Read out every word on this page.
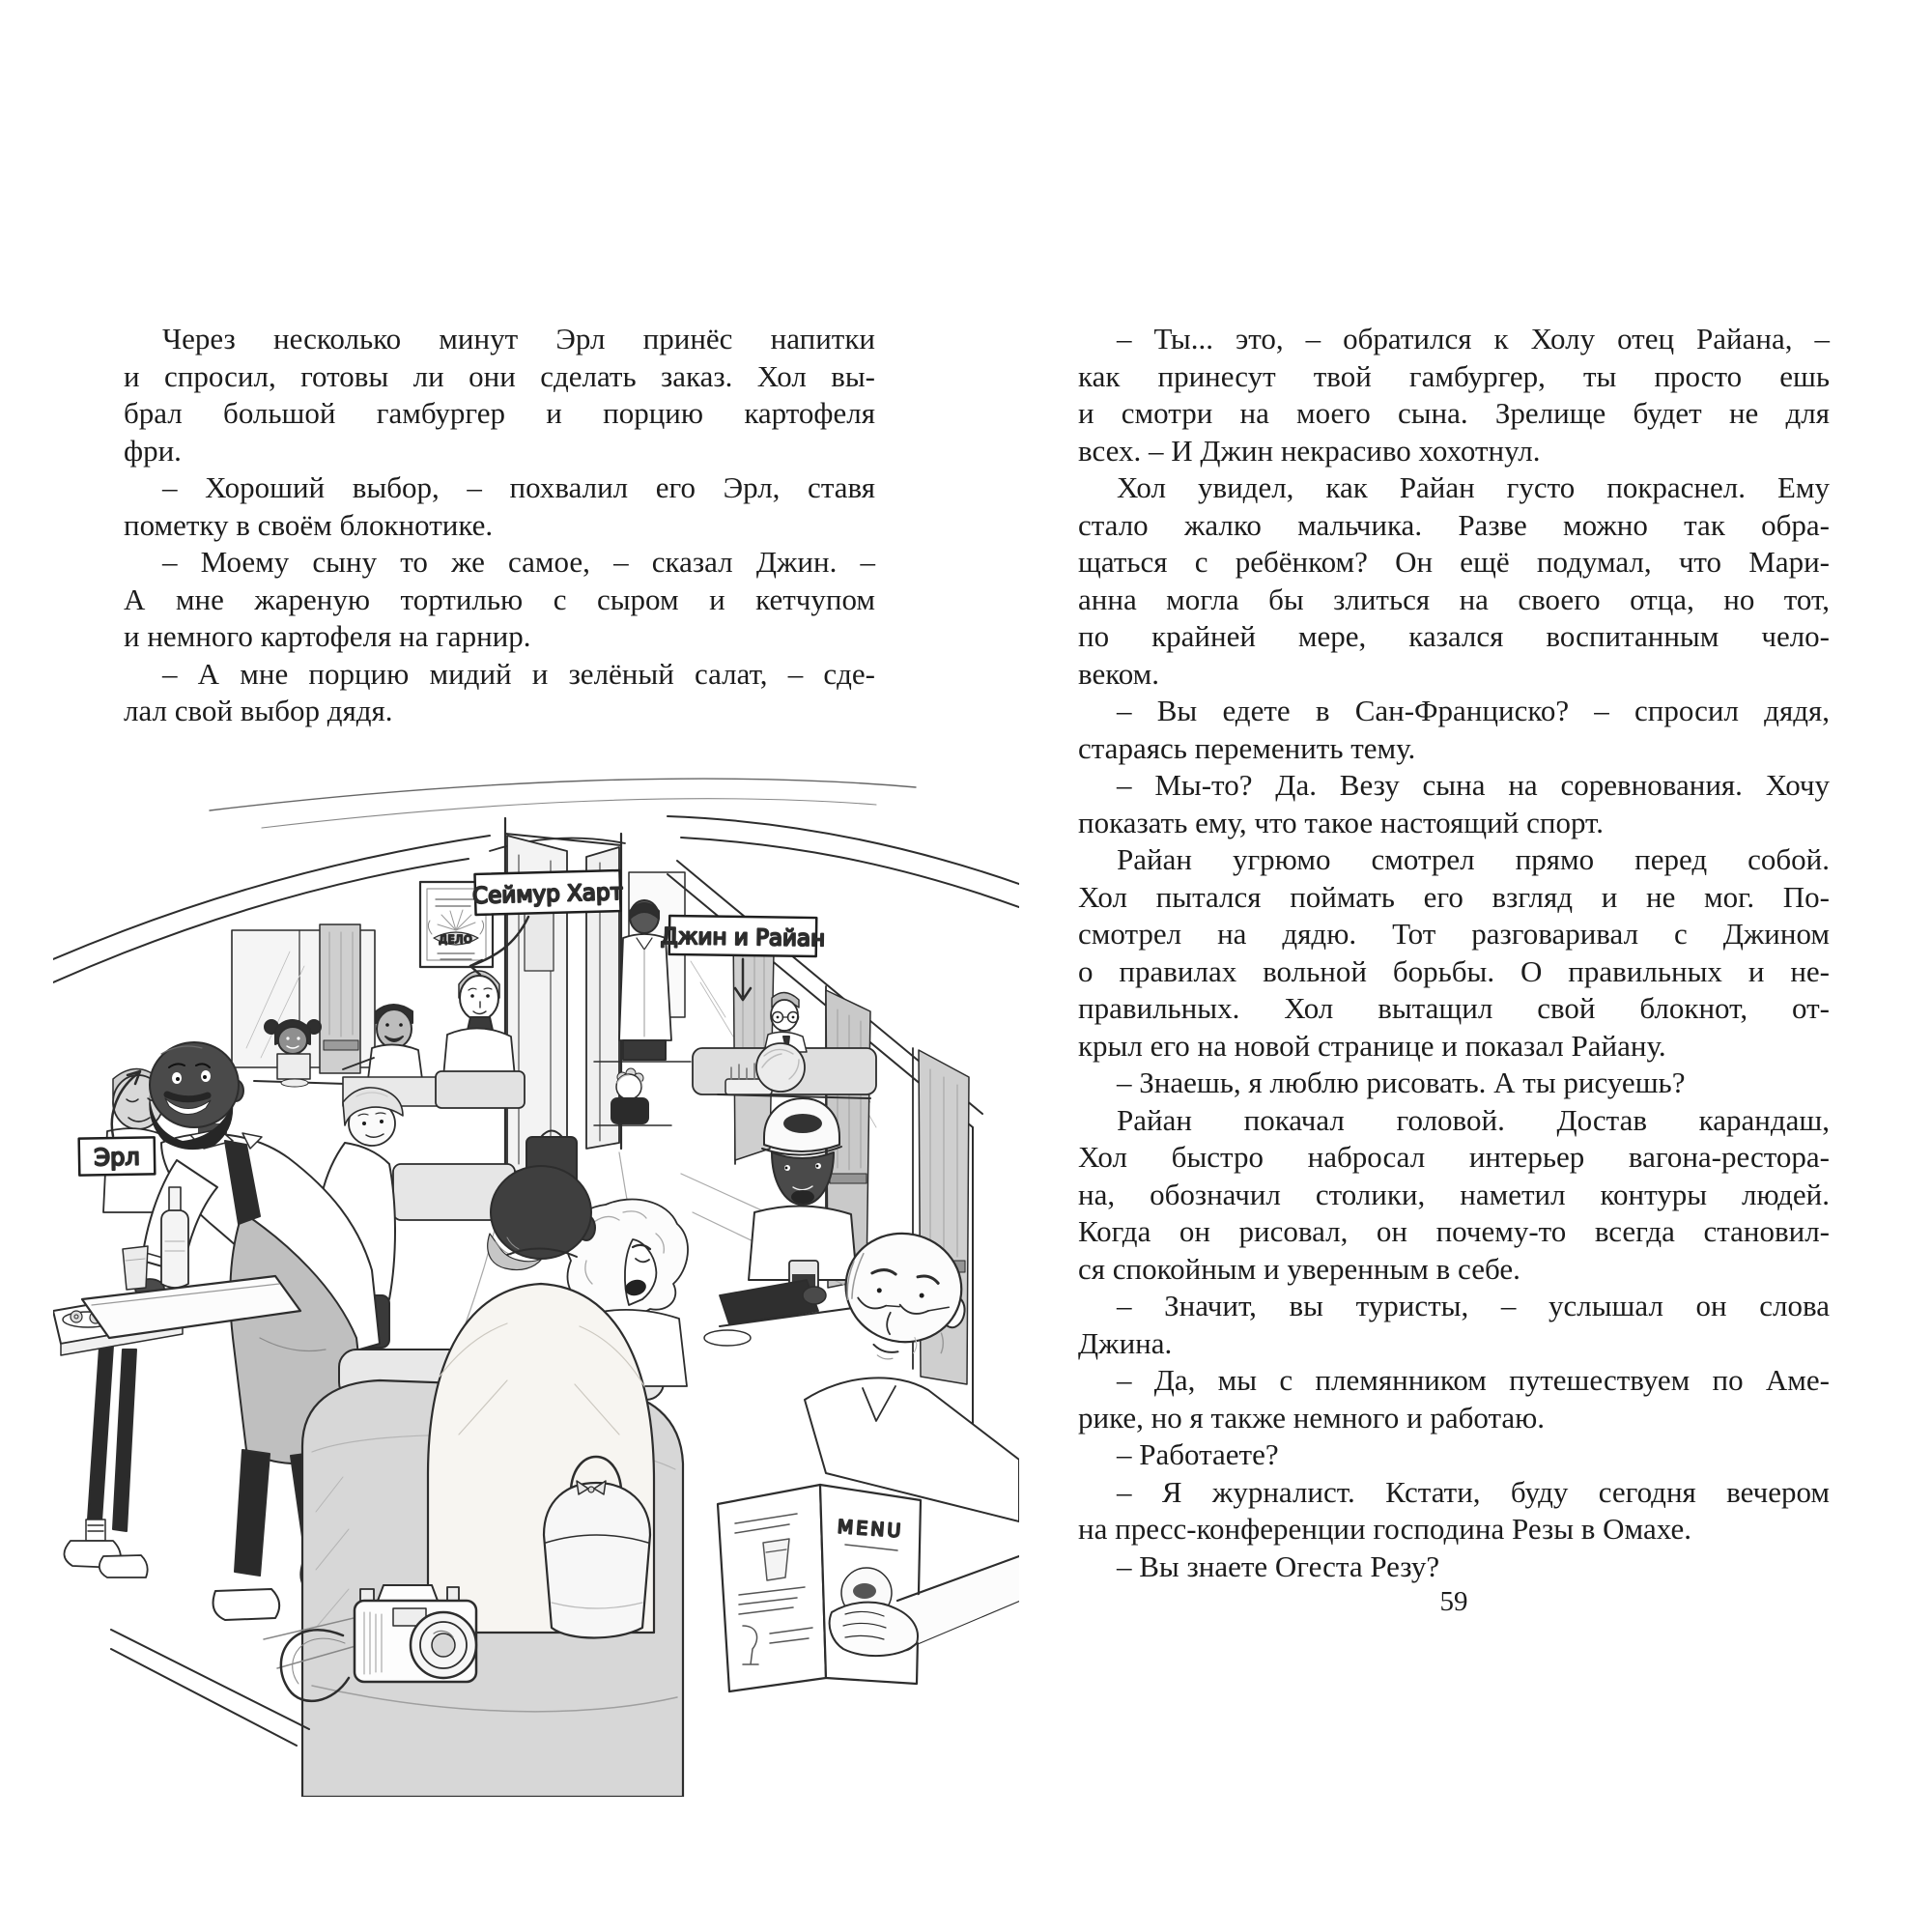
Через несколько минут Эрл принёс напитки
и спросил, готовы ли они сделать заказ. Хол вы-
брал большой гамбургер и порцию картофеля
фри.
– Хороший выбор, – похвалил его Эрл, ставя
пометку в своём блокнотике.
– Моему сыну то же самое, – сказал Джин. –
А мне жареную тортилью с сыром и кетчупом
и немного картофеля на гарнир.
– А мне порцию мидий и зелёный салат, – сде-
лал свой выбор дядя.
– Ты... это, – обратился к Холу отец Райана, –
как принесут твой гамбургер, ты просто ешь
и смотри на моего сына. Зрелище будет не для
всех. – И Джин некрасиво хохотнул.
Хол увидел, как Райан густо покраснел. Ему
стало жалко мальчика. Разве можно так обра-
щаться с ребёнком? Он ещё подумал, что Мари-
анна могла бы злиться на своего отца, но тот,
по крайней мере, казался воспитанным чело-
веком.
– Вы едете в Сан-Франциско? – спросил дядя,
стараясь переменить тему.
– Мы-то? Да. Везу сына на соревнования. Хочу
показать ему, что такое настоящий спорт.
Райан угрюмо смотрел прямо перед собой.
Хол пытался поймать его взгляд и не мог. По-
смотрел на дядю. Тот разговаривал с Джином
о правилах вольной борьбы. О правильных и не-
правильных. Хол вытащил свой блокнот, от-
крыл его на новой странице и показал Райану.
– Знаешь, я люблю рисовать. А ты рисуешь?
Райан покачал головой. Достав карандаш,
Хол быстро набросал интерьер вагона-рестора-
на, обозначил столики, наметил контуры людей.
Когда он рисовал, он почему-то всегда становил-
ся спокойным и уверенным в себе.
– Значит, вы туристы, – услышал он слова
Джина.
– Да, мы с племянником путешествуем по Аме-
рике, но я также немного и работаю.
– Работаете?
– Я журналист. Кстати, буду сегодня вечером
на пресс-конференции господина Резы в Омахе.
– Вы знаете Огеста Резу?
59
ДЕЛО
MENU
Сеймур Харт
Джин и Райан
Эрл
